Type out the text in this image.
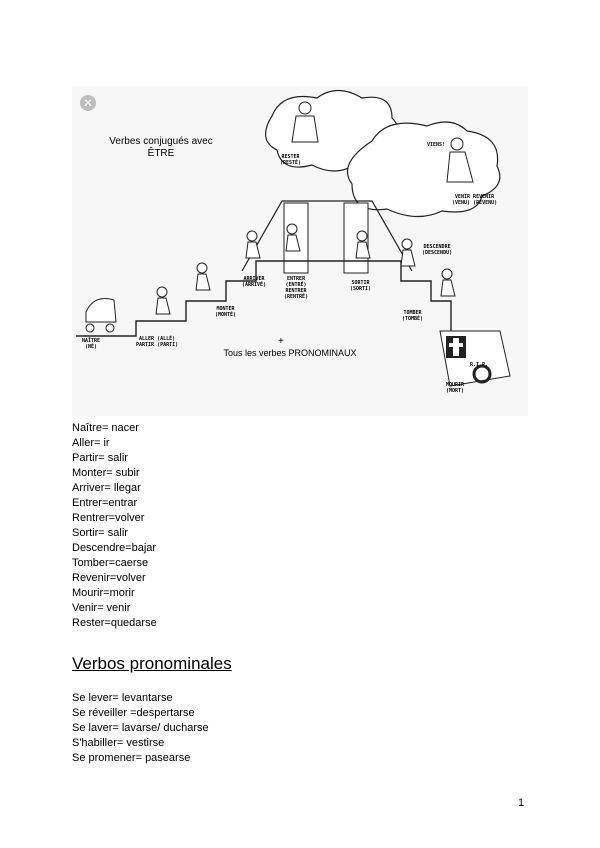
✕
Verbes conjugués avec
ÊTRE	RESTER
(RESTÉ)
VIENS!
VENIR REVENIR
(VENU) (REVENU)
DESCENDRE
(DESCENDU)
ARRIVER
(ARRIVÉ)
ENTRER
(ENTRÉ)
RENTRER
(RENTRÉ)
SORTIR
(SORTI)
MONTER
(MONTÉ)	TOMBER
(TOMBÉ)
NAÎTRE
(NÉ)
ALLER (ALLÉ)
PARTIR (PARTI)
MOURIR
(MORT)
R.I.P.
+
Tous les verbes PRONOMINAUX
Naître= nacer
Aller= ir
Partir= salir
Monter= subir
Arriver= llegar
Entrer=entrar
Rentrer=volver
Sortir= salir
Descendre=bajar
Tomber=caerse
Revenir=volver
Mourir=morir
Venir= venir
Rester=quedarse
Verbos pronominales
Se lever= levantarse
Se réveiller =despertarse
Se laver= lavarse/ ducharse
S'habiller= vestirse
Se promener= pasearse
1
